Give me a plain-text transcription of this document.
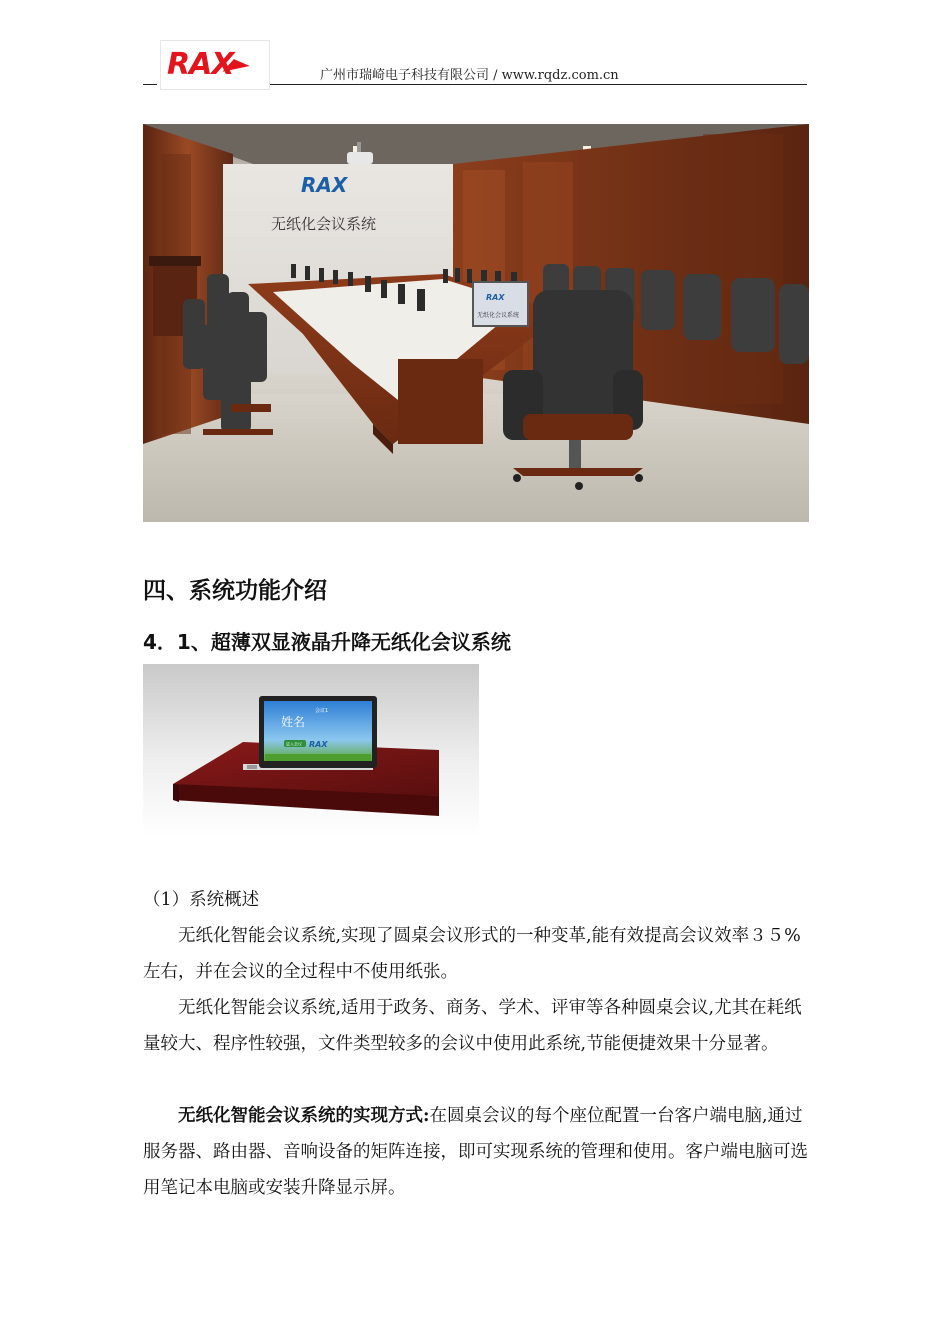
RAX	广州市瑞崎电子科技有限公司 / www.rqdz.com.cn
RAX
无纸化会议系统
RAX
无纸化会议系统
四、系统功能介绍
4．1、超薄双显液晶升降无纸化会议系统
会议1
姓名
进入会议 RAX
（1）系统概述
无纸化智能会议系统,实现了圆桌会议形式的一种变革,能有效提高会议效率３５%左右，并在会议的全过程中不使用纸张。
无纸化智能会议系统,适用于政务、商务、学术、评审等各种圆桌会议,尤其在耗纸量较大、程序性较强，文件类型较多的会议中使用此系统,节能便捷效果十分显著。
无纸化智能会议系统的实现方式:在圆桌会议的每个座位配置一台客户端电脑,通过服务器、路由器、音响设备的矩阵连接，即可实现系统的管理和使用。客户端电脑可选用笔记本电脑或安装升降显示屏。
